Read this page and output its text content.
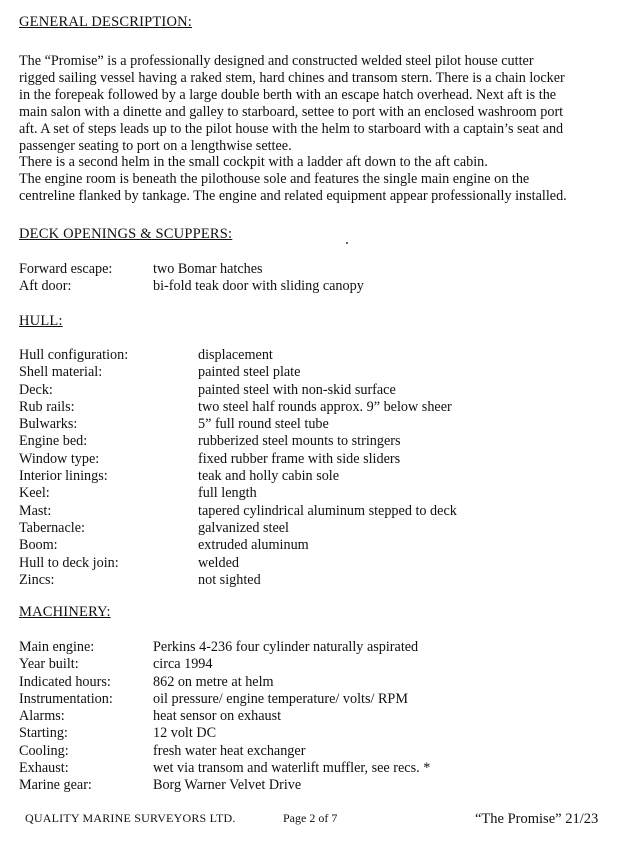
GENERAL DESCRIPTION:
The “Promise” is a professionally designed and constructed welded steel pilot house cutter
rigged sailing vessel having a raked stem, hard chines and transom stern. There is a chain locker
in the forepeak followed by a large double berth with an escape hatch overhead. Next aft is the
main salon with a dinette and galley to starboard, settee to port with an enclosed washroom port
aft. A set of steps leads up to the pilot house with the helm to starboard with a captain’s seat and
passenger seating to port on a lengthwise settee.
There is a second helm in the small cockpit with a ladder aft down to the aft cabin.
The engine room is beneath the pilothouse sole and features the single main engine on the
centreline flanked by tankage. The engine and related equipment appear professionally installed.
DECK OPENINGS & SCUPPERS:
Forward escape:	two Bomar hatches
Aft door:	bi-fold teak door with sliding canopy
HULL:
Hull configuration:	displacement
Shell material:	painted steel plate
Deck:	painted steel with non-skid surface
Rub rails:	two steel half rounds approx. 9” below sheer
Bulwarks:	5” full round steel tube
Engine bed:	rubberized steel mounts to stringers
Window type:	fixed rubber frame with side sliders
Interior linings:	teak and holly cabin sole
Keel:	full length
Mast:	tapered cylindrical aluminum stepped to deck
Tabernacle:	galvanized steel
Boom:	extruded aluminum
Hull to deck join:	welded
Zincs:	not sighted
MACHINERY:
Main engine:	Perkins 4-236 four cylinder naturally aspirated
Year built:	circa 1994
Indicated hours:	862 on metre at helm
Instrumentation:	oil pressure/ engine temperature/ volts/ RPM
Alarms:	heat sensor on exhaust
Starting:	12 volt DC
Cooling:	fresh water heat exchanger
Exhaust:	wet via transom and waterlift muffler, see recs. *
Marine gear:	Borg Warner Velvet Drive
QUALITY MARINE SURVEYORS LTD.	Page 2 of 7	“The Promise” 21/23
